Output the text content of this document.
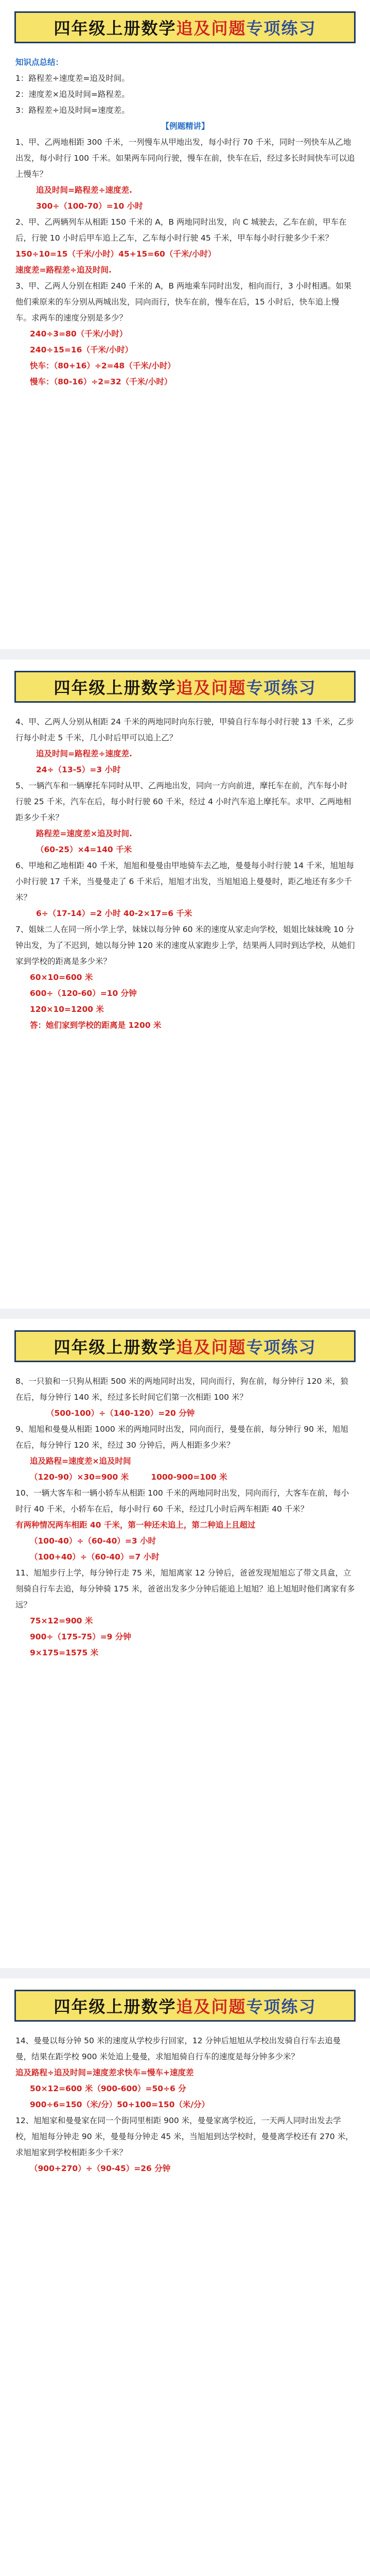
四年级上册数学 追及问题 专项练习

知识点总结：

1：路程差÷速度差=追及时间。

2：速度差×追及时间=路程差。

3：路程差÷追及时间=速度差。

【例题精讲】

1、甲、乙两地相距 300 千米，一列慢车从甲地出发，每小时行 70 千米，同时一列快车从乙地出发，每小时行 100 千米。如果两车同向行驶，慢车在前，快车在后，经过多长时间快车可以追上慢车？

追及时间=路程差÷速度差.

300÷（100-70）=10 小时

2、甲、乙两辆列车从相距 150 千米的 A，B 两地同时出发，向 C 城驶去，乙车在前，甲车在后，行驶 10 小时后甲车追上乙车，乙车每小时行驶 45 千米，甲车每小时行驶多少千米？

150÷10=15（千米/小时）45+15=60（千米/小时）

速度差=路程差÷追及时间.

3、甲、乙两人分别在相距 240 千米的 A，B 两地乘车同时出发，相向而行，3 小时相遇。如果他们乘原来的车分别从两城出发，同向而行，快车在前，慢车在后，15 小时后，快车追上慢车。求两车的速度分别是多少？

240÷3=80（千米/小时）

240÷15=16（千米/小时）

快车：（80+16）÷2=48（千米/小时）

慢车：（80-16）÷2=32（千米/小时）

四年级上册数学 追及问题 专项练习

4、甲、乙两人分别从相距 24 千米的两地同时向东行驶，甲骑自行车每小时行驶 13 千米，乙步行每小时走 5 千米，几小时后甲可以追上乙？

追及时间=路程差÷速度差.

24÷（13-5）=3 小时

5、一辆汽车和一辆摩托车同时从甲、乙两地出发，同向一方向前进，摩托车在前，汽车每小时行驶 25 千米，汽车在后，每小时行驶 60 千米，经过 4 小时汽车追上摩托车。求甲、乙两地相距多少千米？

路程差=速度差×追及时间.

（60-25）×4=140 千米

6、甲地和乙地相距 40 千米，旭旭和曼曼由甲地骑车去乙地，曼曼每小时行驶 14 千米，旭旭每小时行驶 17 千米，当曼曼走了 6 千米后，旭旭才出发，当旭旭追上曼曼时，距乙地还有多少千米？

6÷（17-14）=2 小时 40-2×17=6 千米

7、姐妹二人在同一所小学上学，妹妹以每分钟 60 米的速度从家走向学校，姐姐比妹妹晚 10 分钟出发，为了不迟到，她以每分钟 120 米的速度从家跑步上学，结果两人同时到达学校，从她们家到学校的距离是多少米？

60×10=600 米

600÷（120-60）=10 分钟

120×10=1200 米

答：她们家到学校的距离是 1200 米

四年级上册数学 追及问题 专项练习

8、一只狼和一只狗从相距 500 米的两地同时出发，同向而行，狗在前，每分钟行 120 米，狼在后，每分钟行 140 米，经过多长时间它们第一次相距 100 米？

（500-100）÷（140-120）=20 分钟

9、旭旭和曼曼从相距 1000 米的两地同时出发，同向而行，曼曼在前，每分钟行 90 米，旭旭在后，每分钟行 120 米，经过 30 分钟后，两人相距多少米？

追及路程=速度差×追及时间

（120-90）×30=900 米	1000-900=100 米

10、一辆大客车和一辆小轿车从相距 100 千米的两地同时出发，同向而行，大客车在前，每小时行 40 千米，小轿车在后，每小时行 60 千米，经过几小时后两车相距 40 千米？

有两种情况两车相距 40 千米，第一种还未追上，第二种追上且超过

（100-40）÷（60-40）=3 小时

（100+40）÷（60-40）=7 小时

11、旭旭步行上学，每分钟行走 75 米，旭旭离家 12 分钟后，爸爸发现旭旭忘了带文具盒，立刻骑自行车去追，每分钟骑 175 米，爸爸出发多少分钟后能追上旭旭？追上旭旭时他们离家有多远？

75×12=900 米

900÷（175-75）=9 分钟

9×175=1575 米

四年级上册数学 追及问题 专项练习

14、曼曼以每分钟 50 米的速度从学校步行回家，12 分钟后旭旭从学校出发骑自行车去追曼曼，结果在距学校 900 米处追上曼曼，求旭旭骑自行车的速度是每分钟多少米？

追及路程÷追及时间=速度差求快车=慢车+速度差

50×12=600 米（900-600）=50÷6 分

900÷6=150（米/分）50+100=150（米/分）

12、旭旭家和曼曼家在同一个街同里相距 900 米，曼曼家离学校近，一天两人同时出发去学校，旭旭每分钟走 90 米，曼曼每分钟走 45 米，当旭旭到达学校时，曼曼离学校还有 270 米，求旭旭家到学校相距多少千米？

（900+270）÷（90-45）=26 分钟
